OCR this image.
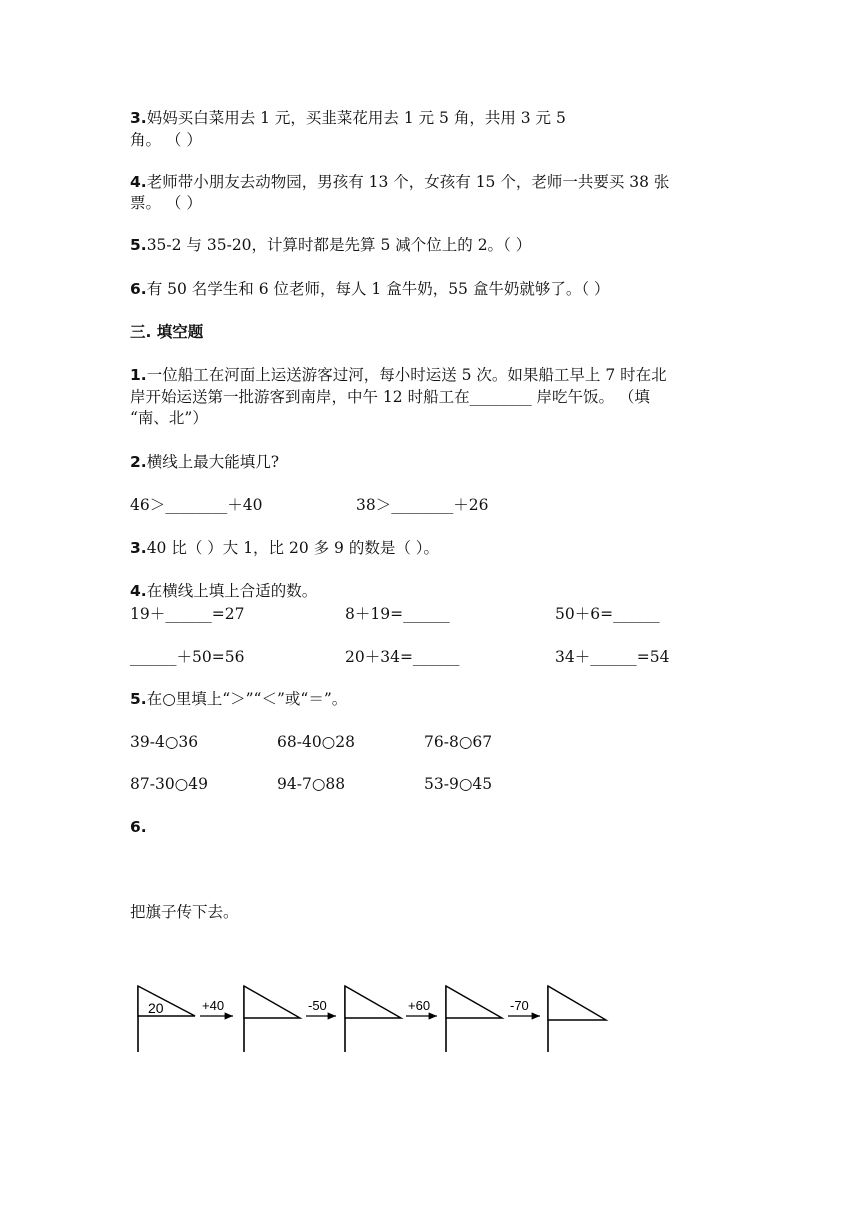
3.妈妈买白菜用去 1 元，买韭菜花用去 1 元 5 角，共用 3 元 5
角。 （ ）
4.老师带小朋友去动物园，男孩有 13 个，女孩有 15 个，老师一共要买 38 张
票。 （ ）
5.35-2 与 35-20，计算时都是先算 5 减个位上的 2。（ ）
6.有 50 名学生和 6 位老师，每人 1 盒牛奶，55 盒牛奶就够了。（ ）
三. 填空题
1.一位船工在河面上运送游客过河，每小时运送 5 次。如果船工早上 7 时在北
岸开始运送第一批游客到南岸，中午 12 时船工在________ 岸吃午饭。 （填
“南、北”）
2.横线上最大能填几?
46＞________＋40	38＞________＋26
3.40 比（ ）大 1，比 20 多 9 的数是（ ）。
4.在横线上填上合适的数。
19＋______=27	8＋19=______	50＋6=______
______＋50=56	20＋34=______	34＋______=54
5.在○里填上“＞”“＜”或“＝”。
39-4○36	68-40○28	76-8○67
87-30○49	94-7○88	53-9○45
6.
把旗子传下去。
20	+40	-50	+60	-70
